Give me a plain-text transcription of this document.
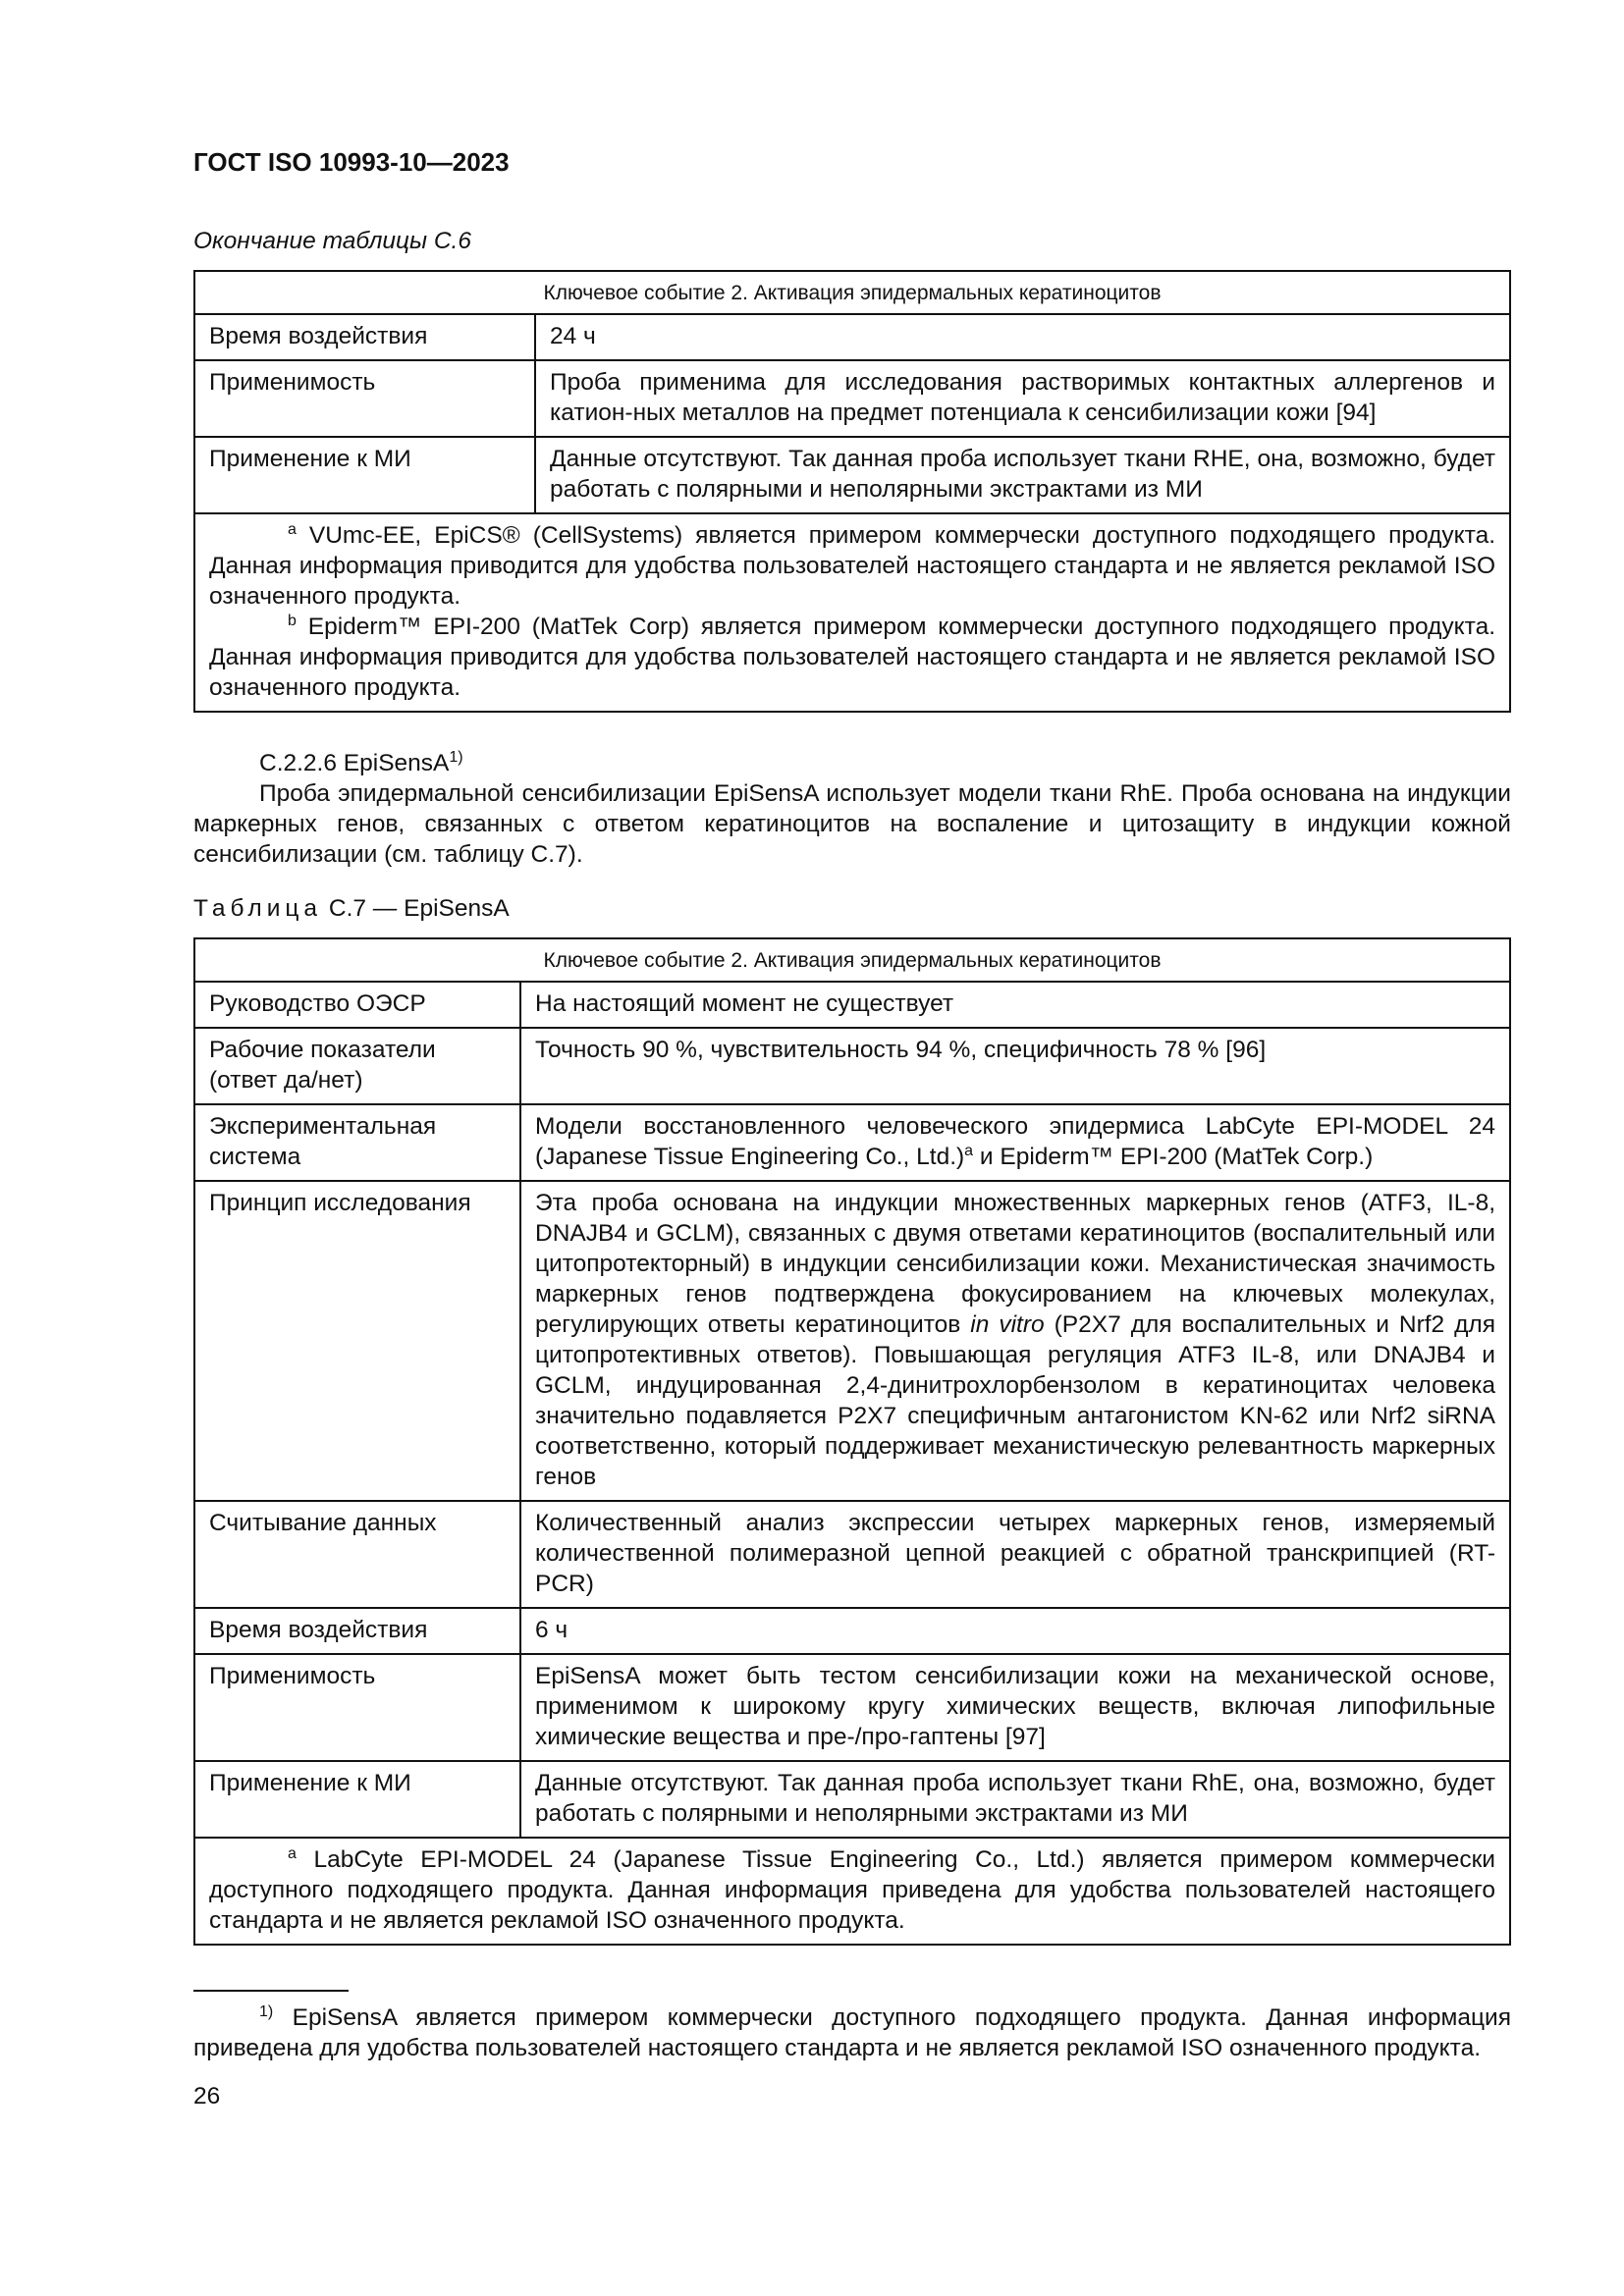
ГОСТ ISO 10993-10—2023
Окончание таблицы С.6
Ключевое событие 2. Активация эпидермальных кератиноцитов	
Время воздействия	24 ч
Применимость	Проба применима для исследования растворимых контактных аллергенов и катион-ных металлов на предмет потенциала к сенсибилизации кожи [94]
Применение к МИ	Данные отсутствуют. Так данная проба использует ткани RHE, она, возможно, будет работать с полярными и неполярными экстрактами из МИ

$^a$ VUmc-EE, EpiCS® (CellSystems) является примером коммерчески доступного подходящего продукта. Данная информация приводится для удобства пользователей настоящего стандарта и не является рекламой ISO означенного продукта.

$^b$ Epiderm™ EPI-200 (MatTek Corp) является примером коммерчески доступного подходящего продукта. Данная информация приводится для удобства пользователей настоящего стандарта и не является рекламой ISO означенного продукта.	

С.2.2.6 EpiSensA$^{1)}$
Проба эпидермальной сенсибилизации EpiSensA использует модели ткани RhE. Проба основана на индукции маркерных генов, связанных с ответом кератиноцитов на воспаление и цитозащиту в индукции кожной сенсибилизации (см. таблицу С.7).
Таблица С.7 — EpiSensA
Ключевое событие 2. Активация эпидермальных кератиноцитов	
Руководство ОЭСР	На настоящий момент не существует
Рабочие показатели (ответ да/нет)	Точность 90 %, чувствительность 94 %, специфичность 78 % [96]
Экспериментальная система	Модели восстановленного человеческого эпидермиса LabCyte EPI-MODEL 24 (Japanese Tissue Engineering Co., Ltd.)$^a$ и Epiderm™ EPI-200 (MatTek Corp.)
Принцип исследования	Эта проба основана на индукции множественных маркерных генов (ATF3, IL-8, DNAJB4 и GCLM), связанных с двумя ответами кератиноцитов (воспалительный или цитопротекторный) в индукции сенсибилизации кожи. Механистическая значимость маркерных генов подтверждена фокусированием на ключевых молекулах, регулирующих ответы кератиноцитов in vitro (P2X7 для воспалительных и Nrf2 для цитопротективных ответов). Повышающая регуляция ATF3 IL-8, или DNAJB4 и GCLM, индуцированная 2,4-динитрохлорбензолом в кератиноцитах человека значительно подавляется P2X7 специфичным антагонистом KN-62 или Nrf2 siRNA соответственно, который поддерживает механистическую релевантность маркерных генов
Считывание данных	Количественный анализ экспрессии четырех маркерных генов, измеряемый количественной полимеразной цепной реакцией с обратной транскрипцией (RT-PCR)
Время воздействия	6 ч
Применимость	EpiSensA может быть тестом сенсибилизации кожи на механической основе, применимом к широкому кругу химических веществ, включая липофильные химические вещества и пре-/про-гаптены [97]
Применение к МИ	Данные отсутствуют. Так данная проба использует ткани RhE, она, возможно, будет работать с полярными и неполярными экстрактами из МИ

$^a$ LabCyte EPI-MODEL 24 (Japanese Tissue Engineering Co., Ltd.) является примером коммерчески доступного подходящего продукта. Данная информация приведена для удобства пользователей настоящего стандарта и не является рекламой ISO означенного продукта.	

$^{1)}$ EpiSensA является примером коммерчески доступного подходящего продукта. Данная информация приведена для удобства пользователей настоящего стандарта и не является рекламой ISO означенного продукта.

26
